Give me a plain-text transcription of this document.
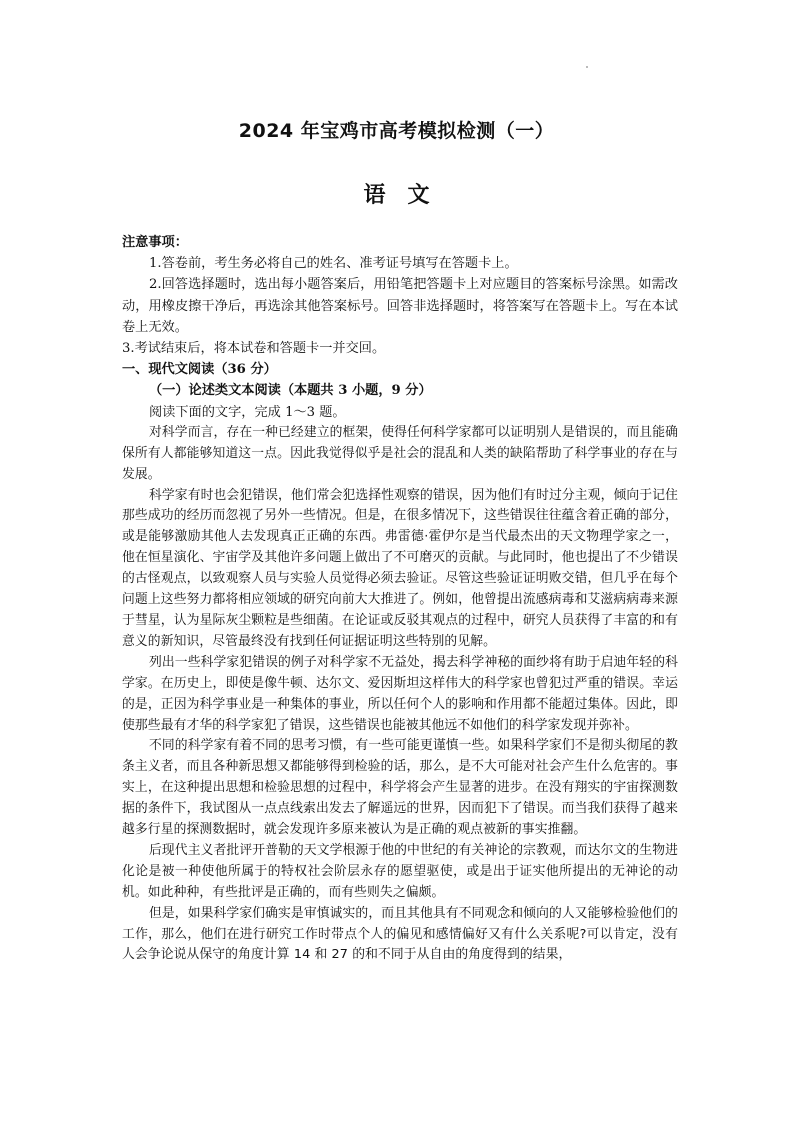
2024 年宝鸡市高考模拟检测（一）
语文

注意事项：

1.答卷前，考生务必将自己的姓名、准考证号填写在答题卡上。

2.回答选择题时，选出每小题答案后，用铅笔把答题卡上对应题目的答案标号涂黑。如需改动，用橡皮擦干净后，再选涂其他答案标号。回答非选择题时，将答案写在答题卡上。写在本试卷上无效。

3.考试结束后，将本试卷和答题卡一并交回。

一、现代文阅读（36 分）

（一）论述类文本阅读（本题共 3 小题，9 分）

阅读下面的文字，完成 1～3 题。

对科学而言，存在一种已经建立的框架，使得任何科学家都可以证明别人是错误的，而且能确保所有人都能够知道这一点。因此我觉得似乎是社会的混乱和人类的缺陷帮助了科学事业的存在与发展。

科学家有时也会犯错误，他们常会犯选择性观察的错误，因为他们有时过分主观，倾向于记住那些成功的经历而忽视了另外一些情况。但是，在很多情况下，这些错误往往蕴含着正确的部分，或是能够激励其他人去发现真正正确的东西。弗雷德·霍伊尔是当代最杰出的天文物理学家之一，他在恒星演化、宇宙学及其他许多问题上做出了不可磨灭的贡献。与此同时，他也提出了不少错误的古怪观点，以致观察人员与实验人员觉得必须去验证。尽管这些验证证明败交错，但几乎在每个问题上这些努力都将相应领域的研究向前大大推进了。例如，他曾提出流感病毒和艾滋病病毒来源于彗星，认为星际灰尘颗粒是些细菌。在论证或反驳其观点的过程中，研究人员获得了丰富的和有意义的新知识，尽管最终没有找到任何证据证明这些特别的见解。

列出一些科学家犯错误的例子对科学家不无益处，揭去科学神秘的面纱将有助于启迪年轻的科学家。在历史上，即使是像牛顿、达尔文、爱因斯坦这样伟大的科学家也曾犯过严重的错误。幸运的是，正因为科学事业是一种集体的事业，所以任何个人的影响和作用都不能超过集体。因此，即使那些最有才华的科学家犯了错误，这些错误也能被其他远不如他们的科学家发现并弥补。

不同的科学家有着不同的思考习惯，有一些可能更谨慎一些。如果科学家们不是彻头彻尾的教条主义者，而且各种新思想又都能够得到检验的话，那么，是不大可能对社会产生什么危害的。事实上，在这种提出思想和检验思想的过程中，科学将会产生显著的进步。在没有翔实的宇宙探测数据的条件下，我试图从一点点线索出发去了解遥远的世界，因而犯下了错误。而当我们获得了越来越多行星的探测数据时，就会发现许多原来被认为是正确的观点被新的事实推翻。

后现代主义者批评开普勒的天文学根源于他的中世纪的有关神论的宗教观，而达尔文的生物进化论是被一种使他所属于的特权社会阶层永存的愿望驱使，或是出于证实他所提出的无神论的动机。如此种种，有些批评是正确的，而有些则失之偏颇。

但是，如果科学家们确实是审慎诚实的，而且其他具有不同观念和倾向的人又能够检验他们的工作，那么，他们在进行研究工作时带点个人的偏见和感情偏好又有什么关系呢?可以肯定，没有人会争论说从保守的角度计算 14 和 27 的和不同于从自由的角度得到的结果，
